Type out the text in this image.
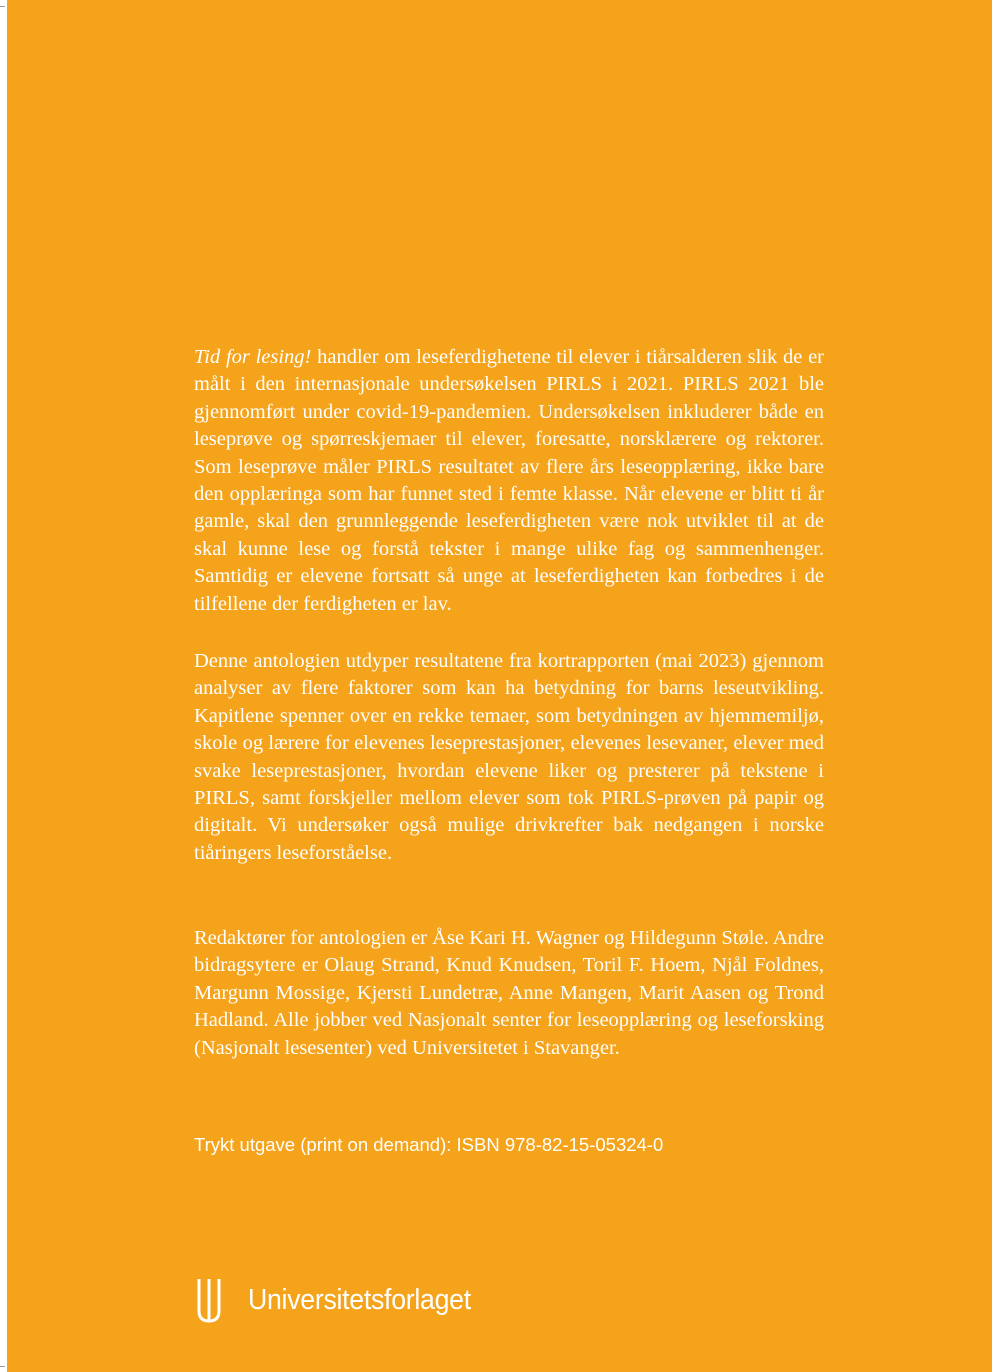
Tid for lesing! handler om leseferdighetene til elever i tiårsalderen slik de er målt i den internasjonale undersøkelsen PIRLS i 2021. PIRLS 2021 ble gjennomført under covid-19-pandemien. Undersøkelsen inkluderer både en leseprøve og spørreskjemaer til elever, foresatte, norsklærere og rektorer. Som leseprøve måler PIRLS resultatet av flere års leseopplæring, ikke bare den opplæringa som har funnet sted i femte klasse. Når elevene er blitt ti år gamle, skal den grunnleggende leseferdigheten være nok utviklet til at de skal kunne lese og forstå tekster i mange ulike fag og sammenhenger. Samtidig er elevene fortsatt så unge at leseferdigheten kan forbedres i de tilfellene der ferdigheten er lav.

Denne antologien utdyper resultatene fra kortrapporten (mai 2023) gjennom analyser av flere faktorer som kan ha betydning for barns leseutvikling. Kapitlene spenner over en rekke temaer, som betydningen av hjemmemiljø, skole og lærere for elevenes leseprestasjoner, elevenes lesevaner, elever med svake leseprestasjoner, hvordan elevene liker og presterer på tekstene i PIRLS, samt forskjeller mellom elever som tok PIRLS-prøven på papir og digitalt. Vi undersøker også mulige drivkrefter bak nedgangen i norske tiåringers leseforståelse.

Redaktører for antologien er Åse Kari H. Wagner og Hildegunn Støle. Andre bidragsytere er Olaug Strand, Knud Knudsen, Toril F. Hoem, Njål Foldnes, Margunn Mossige, Kjersti Lundetræ, Anne Mangen, Marit Aasen og Trond Hadland. Alle jobber ved Nasjonalt senter for leseopplæring og leseforsking (Nasjonalt lesesenter) ved Universitetet i Stavanger.

Trykt utgave (print on demand): ISBN 978-82-15-05324-0
Universitetsforlaget
